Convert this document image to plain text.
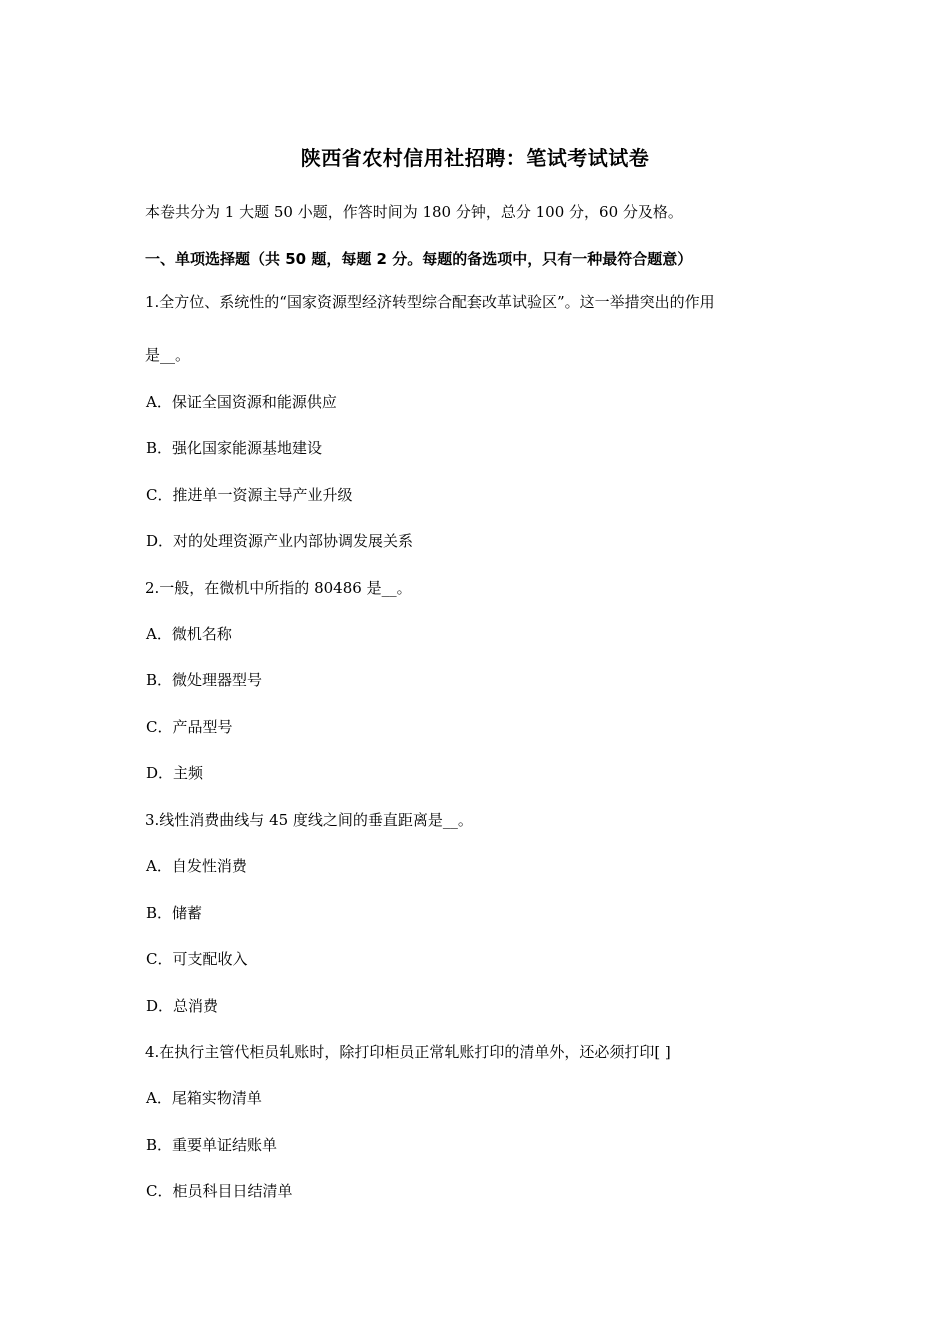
陕西省农村信用社招聘：笔试考试试卷
本卷共分为 1 大题 50 小题，作答时间为 180 分钟，总分 100 分，60 分及格。
一、单项选择题（共 50 题，每题 2 分。每题的备选项中，只有一种最符合题意）
1.全方位、系统性的“国家资源型经济转型综合配套改革试验区”。这一举措突出的作用
是__。
A．保证全国资源和能源供应
B．强化国家能源基地建设
C．推进单一资源主导产业升级
D．对的处理资源产业内部协调发展关系
2.一般，在微机中所指的 80486 是__。
A．微机名称
B．微处理器型号
C．产品型号
D．主频
3.线性消费曲线与 45 度线之间的垂直距离是__。
A．自发性消费
B．储蓄
C．可支配收入
D．总消费
4.在执行主管代柜员轧账时，除打印柜员正常轧账打印的清单外，还必须打印[ ]
A．尾箱实物清单
B．重要单证结账单
C．柜员科目日结清单
